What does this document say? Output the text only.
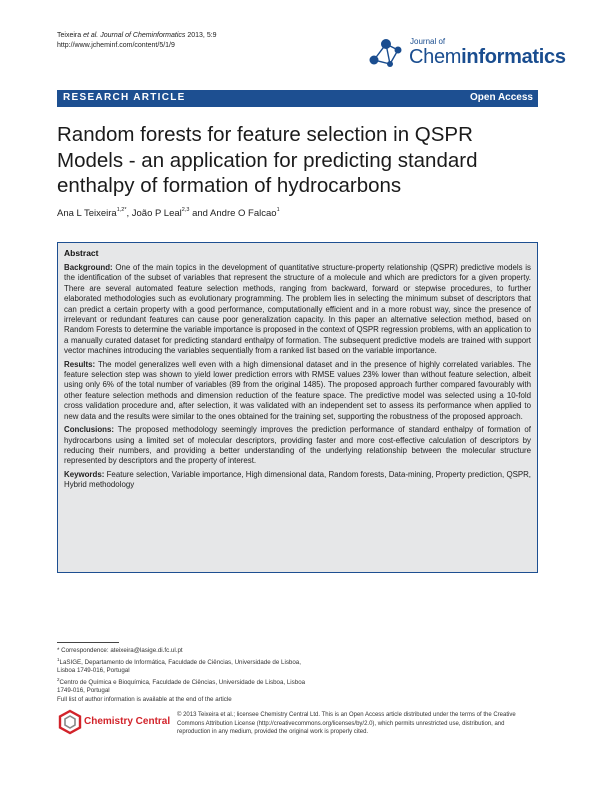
Teixeira et al. Journal of Cheminformatics 2013, 5:9
http://www.jcheminf.com/content/5/1/9	Journal of
Cheminformatics
RESEARCH ARTICLE	Open Access
Random forests for feature selection in QSPR Models - an application for predicting standard enthalpy of formation of hydrocarbons
Ana L Teixeira$^{1,2*}$, João P Leal$^{2,3}$ and Andre O Falcao$^1$
Abstract

Background: One of the main topics in the development of quantitative structure-property relationship (QSPR) predictive models is the identification of the subset of variables that represent the structure of a molecule and which are predictors for a given property. There are several automated feature selection methods, ranging from backward, forward or stepwise procedures, to further elaborated methodologies such as evolutionary programming. The problem lies in selecting the minimum subset of descriptors that can predict a certain property with a good performance, computationally efficient and in a more robust way, since the presence of irrelevant or redundant features can cause poor generalization capacity. In this paper an alternative selection method, based on Random Forests to determine the variable importance is proposed in the context of QSPR regression problems, with an application to a manually curated dataset for predicting standard enthalpy of formation. The subsequent predictive models are trained with support vector machines introducing the variables sequentially from a ranked list based on the variable importance.

Results: The model generalizes well even with a high dimensional dataset and in the presence of highly correlated variables. The feature selection step was shown to yield lower prediction errors with RMSE values 23% lower than without feature selection, albeit using only 6% of the total number of variables (89 from the original 1485). The proposed approach further compared favourably with other feature selection methods and dimension reduction of the feature space. The predictive model was selected using a 10-fold cross validation procedure and, after selection, it was validated with an independent set to assess its performance when applied to new data and the results were similar to the ones obtained for the training set, supporting the robustness of the proposed approach.

Conclusions: The proposed methodology seemingly improves the prediction performance of standard enthalpy of formation of hydrocarbons using a limited set of molecular descriptors, providing faster and more cost-effective calculation of descriptors by reducing their numbers, and providing a better understanding of the underlying relationship between the molecular structure represented by descriptors and the property of interest.

Keywords: Feature selection, Variable importance, High dimensional data, Random forests, Data-mining, Property prediction, QSPR, Hybrid methodology

* Correspondence: ateixeira@lasige.di.fc.ul.pt
$^1$LaSIGE, Departamento de Informática, Faculdade de Ciências, Universidade de Lisboa, Lisboa 1749-016, Portugal
$^2$Centro de Química e Bioquímica, Faculdade de Ciências, Universidade de Lisboa, Lisboa 1749-016, Portugal
Full list of author information is available at the end of the article
Chemistry Central
© 2013 Teixeira et al.; licensee Chemistry Central Ltd. This is an Open Access article distributed under the terms of the Creative Commons Attribution License (http://creativecommons.org/licenses/by/2.0), which permits unrestricted use, distribution, and reproduction in any medium, provided the original work is properly cited.
